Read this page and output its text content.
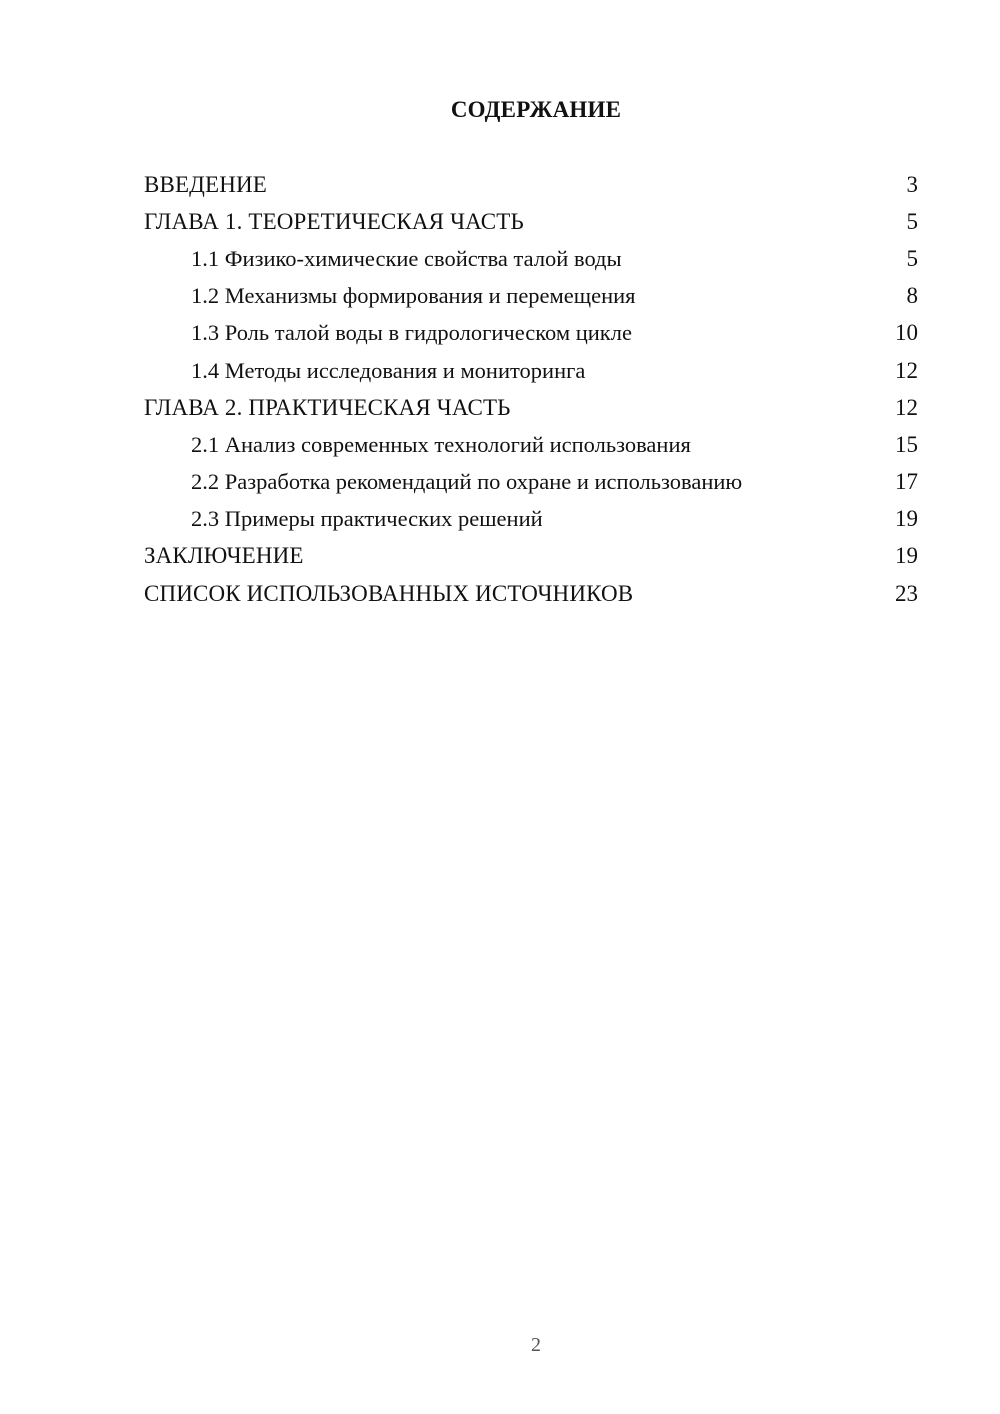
СОДЕРЖАНИЕ
ВВЕДЕНИЕ	3
ГЛАВА 1. ТЕОРЕТИЧЕСКАЯ ЧАСТЬ	5
1.1 Физико-химические свойства талой воды	5
1.2 Механизмы формирования и перемещения	8
1.3 Роль талой воды в гидрологическом цикле	10
1.4 Методы исследования и мониторинга	12
ГЛАВА 2. ПРАКТИЧЕСКАЯ ЧАСТЬ	12
2.1 Анализ современных технологий использования	15
2.2 Разработка рекомендаций по охране и использованию	17
2.3 Примеры практических решений	19
ЗАКЛЮЧЕНИЕ	19
СПИСОК ИСПОЛЬЗОВАННЫХ ИСТОЧНИКОВ	23
2
